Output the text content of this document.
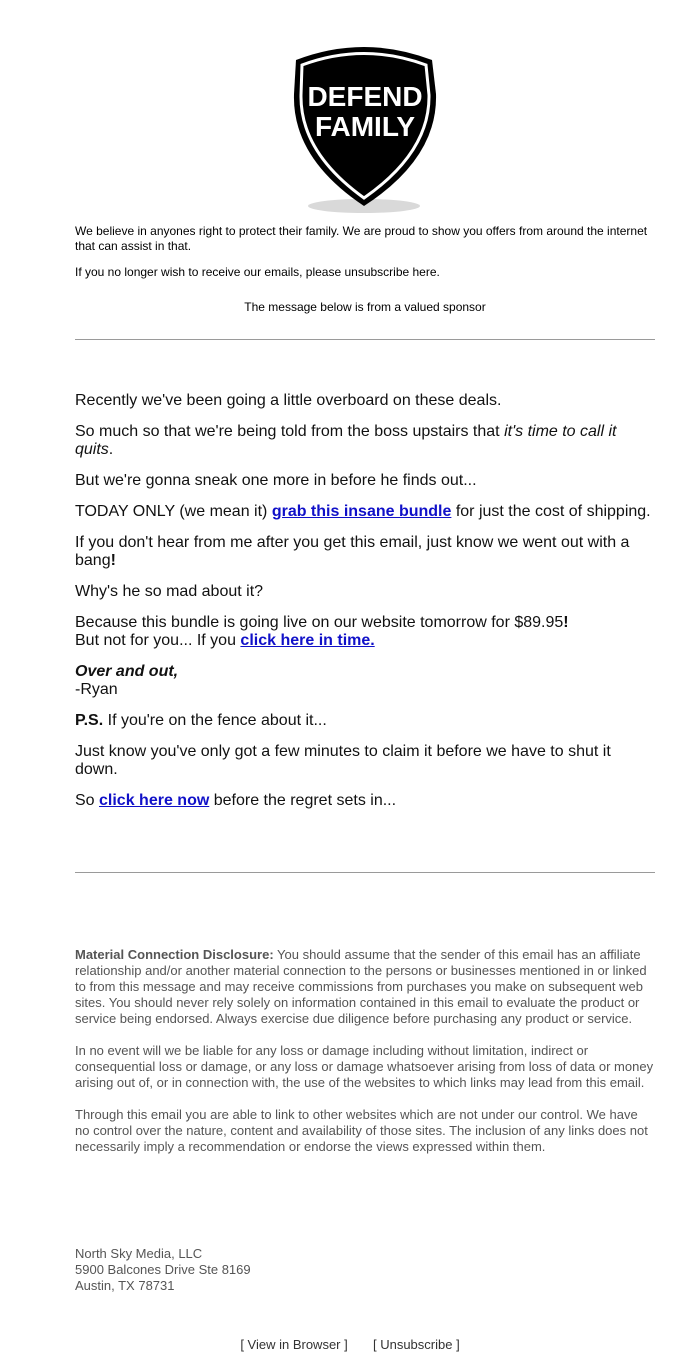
DEFEND
FAMILY

We believe in anyones right to protect their family. We are proud to show you offers from around the internet that can assist in that.

If you no longer wish to receive our emails, please unsubscribe here.

The message below is from a valued sponsor

Recently we've been going a little overboard on these deals.

So much so that we're being told from the boss upstairs that it's time to call it quits.

But we're gonna sneak one more in before he finds out...

TODAY ONLY (we mean it) grab this insane bundle for just the cost of shipping.

If you don't hear from me after you get this email, just know we went out with a bang!

Why's he so mad about it?

Because this bundle is going live on our website tomorrow for $89.95!
But not for you... If you click here in time.

Over and out,
-Ryan

P.S. If you're on the fence about it...

Just know you've only got a few minutes to claim it before we have to shut it down.

So click here now before the regret sets in...

Material Connection Disclosure: You should assume that the sender of this email has an affiliate relationship and/or another material connection to the persons or businesses mentioned in or linked to from this message and may receive commissions from purchases you make on subsequent web sites. You should never rely solely on information contained in this email to evaluate the product or service being endorsed. Always exercise due diligence before purchasing any product or service.

In no event will we be liable for any loss or damage including without limitation, indirect or consequential loss or damage, or any loss or damage whatsoever arising from loss of data or money arising out of, or in connection with, the use of the websites to which links may lead from this email.

Through this email you are able to link to other websites which are not under our control. We have no control over the nature, content and availability of those sites. The inclusion of any links does not necessarily imply a recommendation or endorse the views expressed within them.

North Sky Media, LLC
5900 Balcones Drive Ste 8169
Austin, TX 78731
[ View in Browser ] [ Unsubscribe ]
